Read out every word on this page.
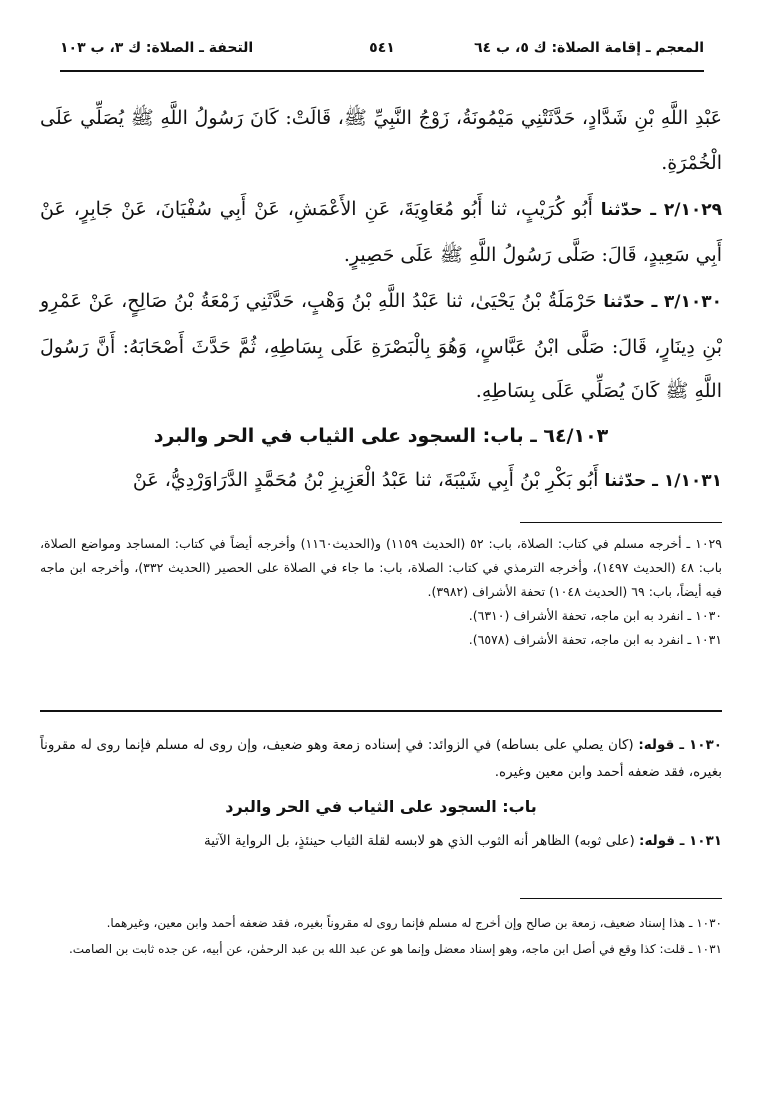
المعجم ـ إقامة الصلاة: ك ٥، ب ٦٤
٥٤١
التحفة ـ الصلاة: ك ٣، ب ١٠٣

عَبْدِ اللَّهِ بْنِ شَدَّادٍ، حَدَّثَتْنِي مَيْمُونَةُ، زَوْجُ النَّبِيِّ ﷺ، قَالَتْ: كَانَ رَسُولُ اللَّهِ ﷺ يُصَلِّي عَلَى الْخُمْرَةِ.

٢/١٠٢٩ ـ حدّثنا أَبُو كُرَيْبٍ، ثنا أَبُو مُعَاوِيَةَ، عَنِ الأَعْمَشِ، عَنْ أَبِي سُفْيَانَ، عَنْ جَابِرٍ، عَنْ أَبِي سَعِيدٍ، قَالَ: صَلَّى رَسُولُ اللَّهِ ﷺ عَلَى حَصِيرٍ.

٣/١٠٣٠ ـ حدّثنا حَرْمَلَةُ بْنُ يَحْيَىٰ، ثنا عَبْدُ اللَّهِ بْنُ وَهْبٍ، حَدَّثَنِي زَمْعَةُ بْنُ صَالِحٍ، عَنْ عَمْرِو بْنِ دِينَارٍ، قَالَ: صَلَّى ابْنُ عَبَّاسٍ، وَهُوَ بِالْبَصْرَةِ عَلَى بِسَاطِهِ، ثُمَّ حَدَّثَ أَصْحَابَهُ: أَنَّ رَسُولَ اللَّهِ ﷺ كَانَ يُصَلِّي عَلَى بِسَاطِهِ.

٦٤/١٠٣ ـ باب: السجود على الثياب في الحر والبرد

١/١٠٣١ ـ حدّثنا أَبُو بَكْرِ بْنُ أَبِي شَيْبَةَ، ثنا عَبْدُ الْعَزِيزِ بْنُ مُحَمَّدٍ الدَّرَاوَرْدِيُّ، عَنْ

١٠٢٩ ـ أخرجه مسلم في كتاب: الصلاة، باب: ٥٢ (الحديث ١١٥٩) و(الحديث١١٦٠) وأخرجه أيضاً في كتاب: المساجد ومواضع الصلاة، باب: ٤٨ (الحديث ١٤٩٧)، وأخرجه الترمذي في كتاب: الصلاة، باب: ما جاء في الصلاة على الحصير (الحديث ٣٣٢)، وأخرجه ابن ماجه فيه أيضاً، باب: ٦٩ (الحديث ١٠٤٨) تحفة الأشراف (٣٩٨٢).

١٠٣٠ ـ انفرد به ابن ماجه، تحفة الأشراف (٦٣١٠).

١٠٣١ ـ انفرد به ابن ماجه، تحفة الأشراف (٦٥٧٨).

١٠٣٠ ـ قوله: (كان يصلي على بساطه) في الزوائد: في إسناده زمعة وهو ضعيف، وإن روى له مسلم فإنما روى له مقروناً بغيره، فقد ضعفه أحمد وابن معين وغيره.

باب: السجود على الثياب في الحر والبرد

١٠٣١ ـ قوله: (على ثوبه) الظاهر أنه الثوب الذي هو لابسه لقلة الثياب حينئذٍ، بل الرواية الآتية

١٠٣٠ ـ هذا إسناد ضعيف، زمعة بن صالح وإن أخرج له مسلم فإنما روى له مقروناً بغيره، فقد ضعفه أحمد وابن معين، وغيرهما.

١٠٣١ ـ قلت: كذا وقع في أصل ابن ماجه، وهو إسناد معضل وإنما هو عن عبد الله بن عبد الرحمٰن، عن أبيه، عن جده ثابت بن الصامت.
